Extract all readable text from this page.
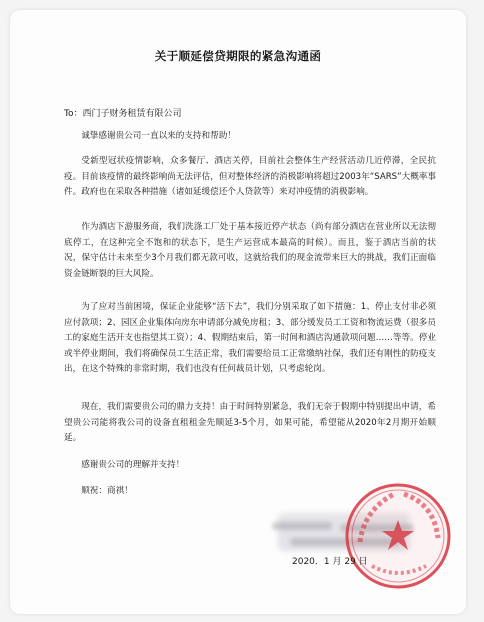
关于顺延偿贷期限的紧急沟通函
To：西门子财务租赁有限公司

诚挚感谢贵公司一直以来的支持和帮助！

受新型冠状疫情影响，众多餐厅、酒店关停，目前社会整体生产经营活动几近停滞，全民抗疫。目前该疫情的最终影响尚无法评估，但对整体经济的消极影响将超过2003年“SARS”大概率事件。政府也在采取各种措施（诸如延缓偿还个人贷款等）来对冲疫情的消极影响。

作为酒店下游服务商，我们洗涤工厂处于基本接近停产状态（尚有部分酒店在营业所以无法彻底停工，在这种完全不饱和的状态下，是生产运营成本最高的时候）。而且，鉴于酒店当前的状况，保守估计未来至少3个月我们都无款可收，这就给我们的现金流带来巨大的挑战，我们正面临资金链断裂的巨大风险。

为了应对当前困境，保证企业能够“活下去”，我们分别采取了如下措施：1、停止支付非必须应付款项；2、园区企业集体向房东申请部分减免房租；3、部分缓发员工工资和物流运费（很多员工的家庭生活开支也指望其工资）；4、假期结束后，第一时间和酒店沟通款项问题……等等。停业或半停业期间，我们将确保员工生活正常，我们需要给员工正常缴纳社保，我们还有刚性的防疫支出，在这个特殊的非常时期，我们也没有任何裁员计划，只考虑轮岗。

现在，我们需要贵公司的鼎力支持！由于时间特别紧急，我们无奈于假期中特别提出申请，希望贵公司能将我公司的设备直租租金先顺延3-5个月，如果可能，希望能从2020年2月期开始顺延。

感谢贵公司的理解并支持！

顺祝：商祺！

2020．1 月 29 日
